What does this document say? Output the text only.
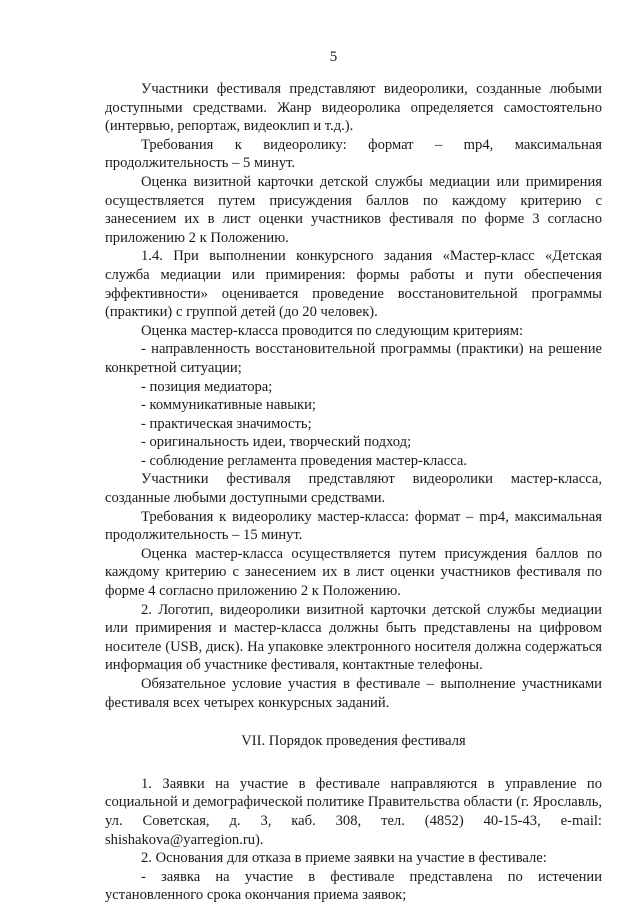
5

Участники фестиваля представляют видеоролики, созданные любыми доступными средствами. Жанр видеоролика определяется самостоятельно (интервью, репортаж, видеоклип и т.д.).

Требования к видеоролику: формат – mp4, максимальная продолжительность – 5 минут.

Оценка визитной карточки детской службы медиации или примирения осуществляется путем присуждения баллов по каждому критерию с занесением их в лист оценки участников фестиваля по форме 3 согласно приложению 2 к Положению.

1.4. При выполнении конкурсного задания «Мастер-класс «Детская служба медиации или примирения: формы работы и пути обеспечения эффективности» оценивается проведение восстановительной программы (практики) с группой детей (до 20 человек).

Оценка мастер-класса проводится по следующим критериям:

- направленность восстановительной программы (практики) на решение конкретной ситуации;

- позиция медиатора;

- коммуникативные навыки;

- практическая значимость;

- оригинальность идеи, творческий подход;

- соблюдение регламента проведения мастер-класса.

Участники фестиваля представляют видеоролики мастер-класса, созданные любыми доступными средствами.

Требования к видеоролику мастер-класса: формат – mp4, максимальная продолжительность – 15 минут.

Оценка мастер-класса осуществляется путем присуждения баллов по каждому критерию с занесением их в лист оценки участников фестиваля по форме 4 согласно приложению 2 к Положению.

2. Логотип, видеоролики визитной карточки детской службы медиации или примирения и мастер-класса должны быть представлены на цифровом носителе (USB, диск). На упаковке электронного носителя должна содержаться информация об участнике фестиваля, контактные телефоны.

Обязательное условие участия в фестивале – выполнение участниками фестиваля всех четырех конкурсных заданий.

VII. Порядок проведения фестиваля

1. Заявки на участие в фестивале направляются в управление по социальной и демографической политике Правительства области (г. Ярославль, ул. Советская, д. 3, каб. 308, тел. (4852) 40-15-43, e-mail: shishakova@yarregion.ru).

2. Основания для отказа в приеме заявки на участие в фестивале:

- заявка на участие в фестивале представлена по истечении установленного срока окончания приема заявок;
